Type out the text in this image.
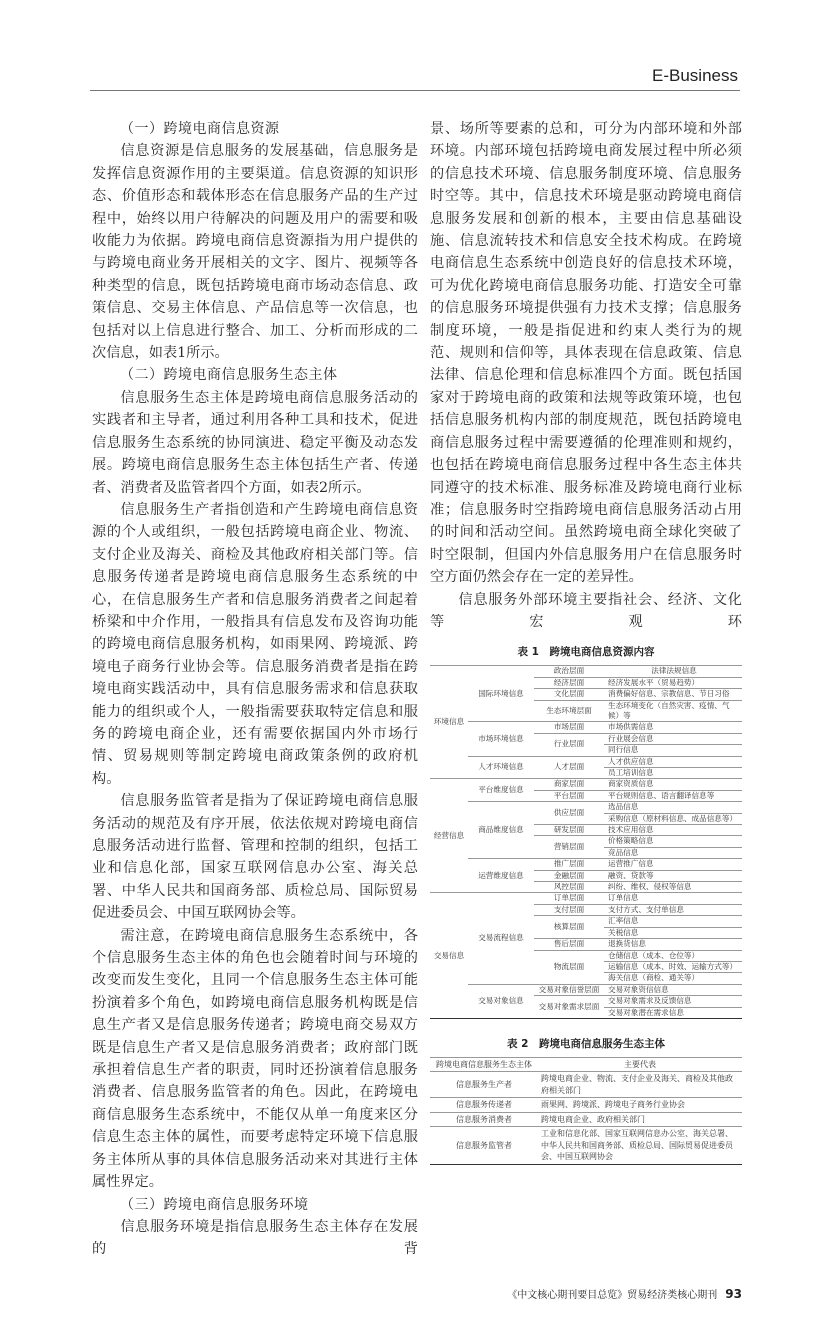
E-Business
（一）跨境电商信息资源

信息资源是信息服务的发展基础，信息服务是发挥信息资源作用的主要渠道。信息资源的知识形态、价值形态和载体形态在信息服务产品的生产过程中，始终以用户待解决的问题及用户的需要和吸收能力为依据。跨境电商信息资源指为用户提供的与跨境电商业务开展相关的文字、图片、视频等各种类型的信息，既包括跨境电商市场动态信息、政策信息、交易主体信息、产品信息等一次信息，也包括对以上信息进行整合、加工、分析而形成的二次信息，如表1所示。

（二）跨境电商信息服务生态主体

信息服务生态主体是跨境电商信息服务活动的实践者和主导者，通过利用各种工具和技术，促进信息服务生态系统的协同演进、稳定平衡及动态发展。跨境电商信息服务生态主体包括生产者、传递者、消费者及监管者四个方面，如表2所示。

信息服务生产者指创造和产生跨境电商信息资源的个人或组织，一般包括跨境电商企业、物流、支付企业及海关、商检及其他政府相关部门等。信息服务传递者是跨境电商信息服务生态系统的中心，在信息服务生产者和信息服务消费者之间起着桥梁和中介作用，一般指具有信息发布及咨询功能的跨境电商信息服务机构，如雨果网、跨境派、跨境电子商务行业协会等。信息服务消费者是指在跨境电商实践活动中，具有信息服务需求和信息获取能力的组织或个人，一般指需要获取特定信息和服务的跨境电商企业，还有需要依据国内外市场行情、贸易规则等制定跨境电商政策条例的政府机构。

信息服务监管者是指为了保证跨境电商信息服务活动的规范及有序开展，依法依规对跨境电商信息服务活动进行监督、管理和控制的组织，包括工业和信息化部，国家互联网信息办公室、海关总署、中华人民共和国商务部、质检总局、国际贸易促进委员会、中国互联网协会等。

需注意，在跨境电商信息服务生态系统中，各个信息服务生态主体的角色也会随着时间与环境的改变而发生变化，且同一个信息服务生态主体可能扮演着多个角色，如跨境电商信息服务机构既是信息生产者又是信息服务传递者；跨境电商交易双方既是信息生产者又是信息服务消费者；政府部门既承担着信息生产者的职责，同时还扮演着信息服务消费者、信息服务监管者的角色。因此，在跨境电商信息服务生态系统中，不能仅从单一角度来区分信息生态主体的属性，而要考虑特定环境下信息服务主体所从事的具体信息服务活动来对其进行主体属性界定。

（三）跨境电商信息服务环境

信息服务环境是指信息服务生态主体存在发展的背

景、场所等要素的总和，可分为内部环境和外部环境。内部环境包括跨境电商发展过程中所必须的信息技术环境、信息服务制度环境、信息服务时空等。其中，信息技术环境是驱动跨境电商信息服务发展和创新的根本，主要由信息基础设施、信息流转技术和信息安全技术构成。在跨境电商信息生态系统中创造良好的信息技术环境，可为优化跨境电商信息服务功能、打造安全可靠的信息服务环境提供强有力技术支撑；信息服务制度环境，一般是指促进和约束人类行为的规范、规则和信仰等，具体表现在信息政策、信息法律、信息伦理和信息标准四个方面。既包括国家对于跨境电商的政策和法规等政策环境，也包括信息服务机构内部的制度规范，既包括跨境电商信息服务过程中需要遵循的伦理准则和规约，也包括在跨境电商信息服务过程中各生态主体共同遵守的技术标准、服务标准及跨境电商行业标准；信息服务时空指跨境电商信息服务活动占用的时间和活动空间。虽然跨境电商全球化突破了时空限制，但国内外信息服务用户在信息服务时空方面仍然会存在一定的差异性。

信息服务外部环境主要指社会、经济、文化等宏观环

表 1　跨境电商信息资源内容
环境信息	国际环境信息	政治层面	法律法规信息
		经济层面	经济发展水平（贸易趋势）
		文化层面	消费偏好信息、宗教信息、节日习俗
		生态环境层面	生态环境变化（自然灾害、疫情、气候）等
	市场环境信息	市场层面	市场供需信息
		行业层面	行业展会信息
			同行信息
	人才环境信息	人才层面	人才供应信息
			员工培训信息
经营信息	平台维度信息	商家层面	商家资质信息
		平台层面	平台规则信息、语言翻译信息等
	商品维度信息	供应层面	选品信息
			采购信息（原材料信息、成品信息等）
		研发层面	技术应用信息
		营销层面	价格策略信息
			竞品信息
	运营维度信息	推广层面	运营推广信息
		金融层面	融资、贷款等
		风控层面	纠纷、维权、侵权等信息
交易信息	交易流程信息	订单层面	订单信息
		支付层面	支付方式、支付单信息
		核算层面	汇率信息
			关税信息
		售后层面	退换货信息
		物流层面	仓储信息（成本、仓位等）
			运输信息（成本、时效、运输方式等）
			海关信息（商检、通关等）
	交易对象信息	交易对象信誉层面	交易对象资信信息
		交易对象需求层面	交易对象需求及反馈信息
			交易对象潜在需求信息
表 2　跨境电商信息服务生态主体
跨境电商信息服务生态主体	主要代表
信息服务生产者	跨境电商企业、物流、支付企业及海关、商检及其他政府相关部门
信息服务传递者	雨果网、跨境派、跨境电子商务行业协会
信息服务消费者	跨境电商企业、政府相关部门
信息服务监管者	工业和信息化部、国家互联网信息办公室、海关总署、中华人民共和国商务部、质检总局、国际贸易促进委员会、中国互联网协会
《中文核心期刊要目总览》贸易经济类核心期刊 93
